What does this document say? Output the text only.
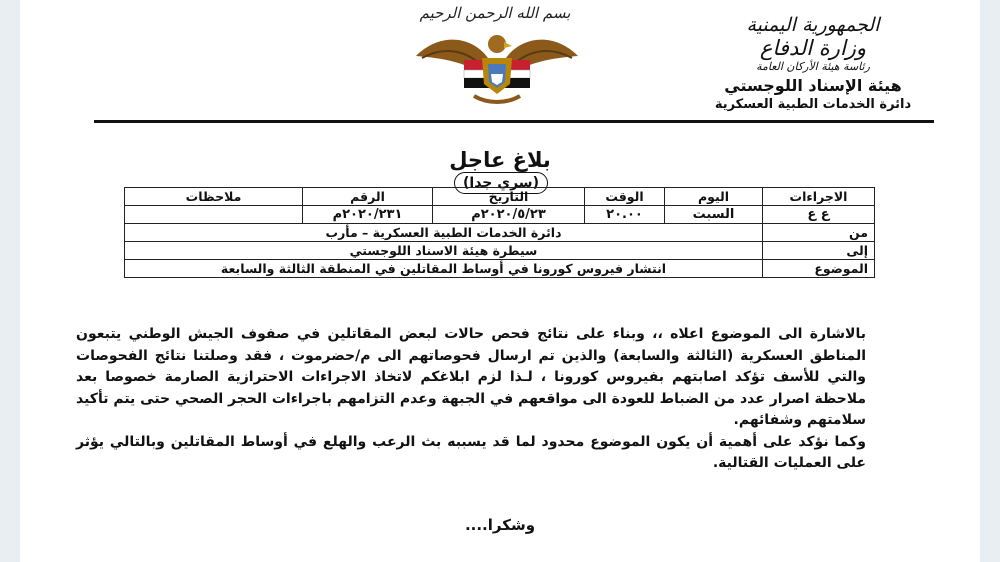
الجمهورية اليمنية
وزارة الدفاع
رئاسة هيئة الأركان العامة
هيئة الإسناد اللوجستي
دائرة الخدمات الطبية العسكرية
بسم الله الرحمن الرحيم
بلاغ عاجل
(سري جدا)
الاجراءات	اليوم	الوقت	التاريخ	الرقم	ملاحظات
ع ع	السبت	٢٠.٠٠	٢٠٢٠/٥/٢٣م	٢٠٢٠/٢٣١م	
من	دائرة الخدمات الطبية العسكرية – مأرب				
إلى	سيطرة هيئة الاسناد اللوجستي				
الموضوع	انتشار فيروس كورونا في أوساط المقاتلين في المنطقة الثالثة والسابعة				

بالاشارة الى الموضوع اعلاه ،، وبناء على نتائج فحص حالات لبعض المقاتلين في صفوف الجيش الوطني يتبعون المناطق العسكرية (الثالثة والسابعة) والذين تم ارسال فحوصاتهم الى م/حضرموت ، فقد وصلتنا نتائج الفحوصات والتي للأسف تؤكد اصابتهم بفيروس كورونا ، لـذا لزم ابلاغكم لاتخاذ الاجراءات الاحترازية الصارمة خصوصا بعد ملاحظة اصرار عدد من الضباط للعودة الى مواقعهم في الجبهة وعدم التزامهم باجراءات الحجر الصحي حتى يتم تأكيد سلامتهم وشفائهم.

وكما نؤكد على أهمية أن يكون الموضوع محدود لما قد يسببه بث الرعب والهلع في أوساط المقاتلين وبالتالي يؤثر على العمليات القتالية.

وشكرا....
